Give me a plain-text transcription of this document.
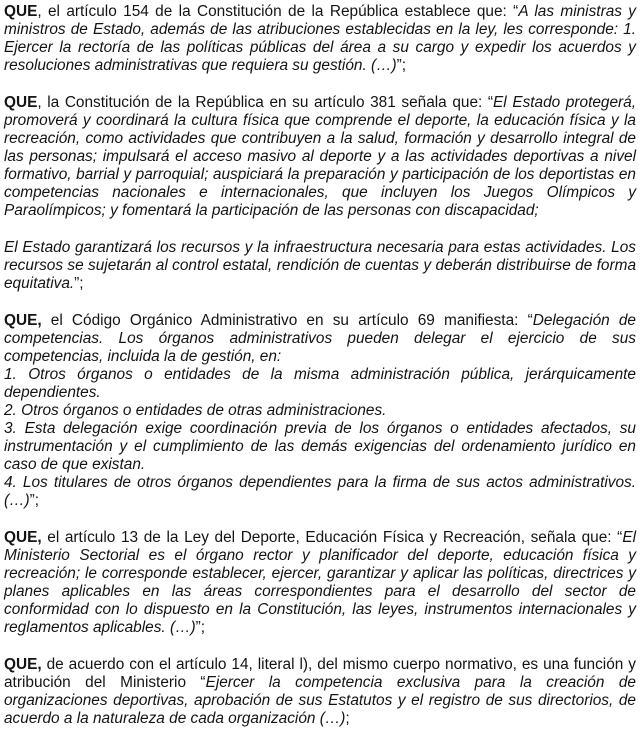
QUE, el artículo 154 de la Constitución de la República establece que: “A las ministras y ministros de Estado, además de las atribuciones establecidas en la ley, les corresponde: 1. Ejercer la rectoría de las políticas públicas del área a su cargo y expedir los acuerdos y resoluciones administrativas que requiera su gestión. (…)”;

QUE, la Constitución de la República en su artículo 381 señala que: “El Estado protegerá, promoverá y coordinará la cultura física que comprende el deporte, la educación física y la recreación, como actividades que contribuyen a la salud, formación y desarrollo integral de las personas; impulsará el acceso masivo al deporte y a las actividades deportivas a nivel formativo, barrial y parroquial; auspiciará la preparación y participación de los deportistas en competencias nacionales e internacionales, que incluyen los Juegos Olímpicos y Paraolímpicos; y fomentará la participación de las personas con discapacidad;

El Estado garantizará los recursos y la infraestructura necesaria para estas actividades. Los recursos se sujetarán al control estatal, rendición de cuentas y deberán distribuirse de forma equitativa.”;

QUE, el Código Orgánico Administrativo en su artículo 69 manifiesta: “Delegación de competencias. Los órganos administrativos pueden delegar el ejercicio de sus competencias, incluida la de gestión, en:
1. Otros órganos o entidades de la misma administración pública, jerárquicamente dependientes.
2. Otros órganos o entidades de otras administraciones.
3. Esta delegación exige coordinación previa de los órganos o entidades afectados, su instrumentación y el cumplimiento de las demás exigencias del ordenamiento jurídico en caso de que existan.
4. Los titulares de otros órganos dependientes para la firma de sus actos administrativos. (…)”;

QUE, el artículo 13 de la Ley del Deporte, Educación Física y Recreación, señala que: “El Ministerio Sectorial es el órgano rector y planificador del deporte, educación física y recreación; le corresponde establecer, ejercer, garantizar y aplicar las políticas, directrices y planes aplicables en las áreas correspondientes para el desarrollo del sector de conformidad con lo dispuesto en la Constitución, las leyes, instrumentos internacionales y reglamentos aplicables. (…)”;

QUE, de acuerdo con el artículo 14, literal l), del mismo cuerpo normativo, es una función y atribución del Ministerio “Ejercer la competencia exclusiva para la creación de organizaciones deportivas, aprobación de sus Estatutos y el registro de sus directorios, de acuerdo a la naturaleza de cada organización (…);
